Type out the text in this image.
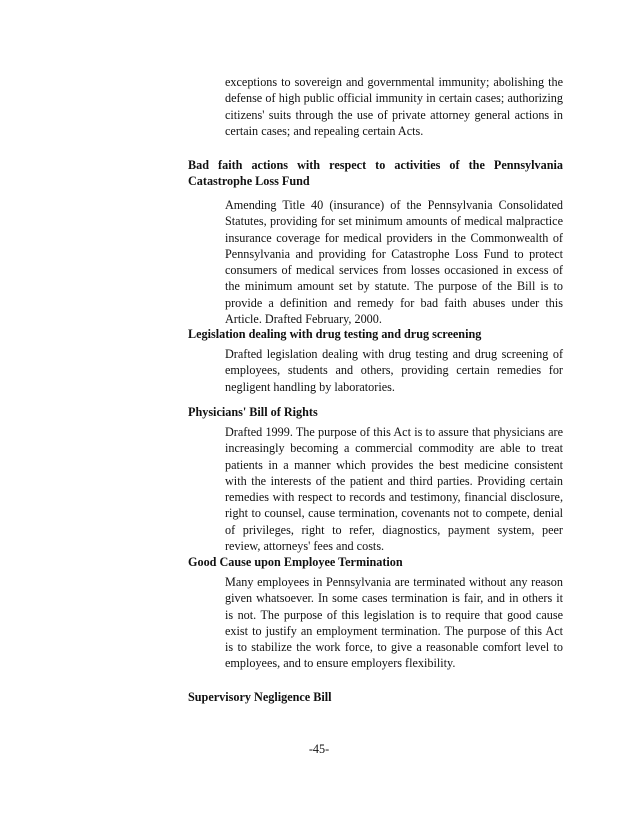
exceptions to sovereign and governmental immunity; abolishing the defense of high public official immunity in certain cases; authorizing citizens' suits through the use of private attorney general actions in certain cases; and repealing certain Acts.

Bad faith actions with respect to activities of the Pennsylvania Catastrophe Loss Fund

Amending Title 40 (insurance) of the Pennsylvania Consolidated Statutes, providing for set minimum amounts of medical malpractice insurance coverage for medical providers in the Commonwealth of Pennsylvania and providing for Catastrophe Loss Fund to protect consumers of medical services from losses occasioned in excess of the minimum amount set by statute. The purpose of the Bill is to provide a definition and remedy for bad faith abuses under this Article. Drafted February, 2000.

Legislation dealing with drug testing and drug screening

Drafted legislation dealing with drug testing and drug screening of employees, students and others, providing certain remedies for negligent handling by laboratories.

Physicians' Bill of Rights

Drafted 1999. The purpose of this Act is to assure that physicians are increasingly becoming a commercial commodity are able to treat patients in a manner which provides the best medicine consistent with the interests of the patient and third parties. Providing certain remedies with respect to records and testimony, financial disclosure, right to counsel, cause termination, covenants not to compete, denial of privileges, right to refer, diagnostics, payment system, peer review, attorneys' fees and costs.

Good Cause upon Employee Termination

Many employees in Pennsylvania are terminated without any reason given whatsoever. In some cases termination is fair, and in others it is not. The purpose of this legislation is to require that good cause exist to justify an employment termination. The purpose of this Act is to stabilize the work force, to give a reasonable comfort level to employees, and to ensure employers flexibility.

Supervisory Negligence Bill

-45-
